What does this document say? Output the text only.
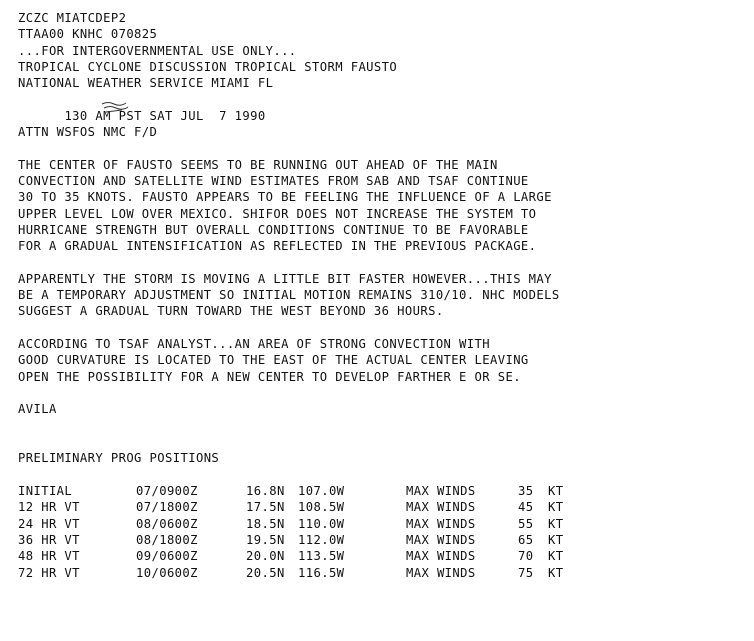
ZCZC MIATCDEP2
TTAA00 KNHC 070825
...FOR INTERGOVERNMENTAL USE ONLY...
TROPICAL CYCLONE DISCUSSION TROPICAL STORM FAUSTO
NATIONAL WEATHER SERVICE MIAMI FL

130 AM PST SAT JUL  7 1990

ATTN WSFOS NMC F/D
THE CENTER OF FAUSTO SEEMS TO BE RUNNING OUT AHEAD OF THE MAIN
CONVECTION AND SATELLITE WIND ESTIMATES FROM SAB AND TSAF CONTINUE
30 TO 35 KNOTS. FAUSTO APPEARS TO BE FEELING THE INFLUENCE OF A LARGE
UPPER LEVEL LOW OVER MEXICO. SHIFOR DOES NOT INCREASE THE SYSTEM TO
HURRICANE STRENGTH BUT OVERALL CONDITIONS CONTINUE TO BE FAVORABLE
FOR A GRADUAL INTENSIFICATION AS REFLECTED IN THE PREVIOUS PACKAGE.
APPARENTLY THE STORM IS MOVING A LITTLE BIT FASTER HOWEVER...THIS MAY
BE A TEMPORARY ADJUSTMENT SO INITIAL MOTION REMAINS 310/10. NHC MODELS
SUGGEST A GRADUAL TURN TOWARD THE WEST BEYOND 36 HOURS.
ACCORDING TO TSAF ANALYST...AN AREA OF STRONG CONVECTION WITH
GOOD CURVATURE IS LOCATED TO THE EAST OF THE ACTUAL CENTER LEAVING
OPEN THE POSSIBILITY FOR A NEW CENTER TO DEVELOP FARTHER E OR SE.
AVILA
PRELIMINARY PROG POSITIONS
INITIAL	07/0900Z	16.8N	107.0W	MAX WINDS	35	KT
12 HR VT	07/1800Z	17.5N	108.5W	MAX WINDS	45	KT
24 HR VT	08/0600Z	18.5N	110.0W	MAX WINDS	55	KT
36 HR VT	08/1800Z	19.5N	112.0W	MAX WINDS	65	KT
48 HR VT	09/0600Z	20.0N	113.5W	MAX WINDS	70	KT
72 HR VT	10/0600Z	20.5N	116.5W	MAX WINDS	75	KT
